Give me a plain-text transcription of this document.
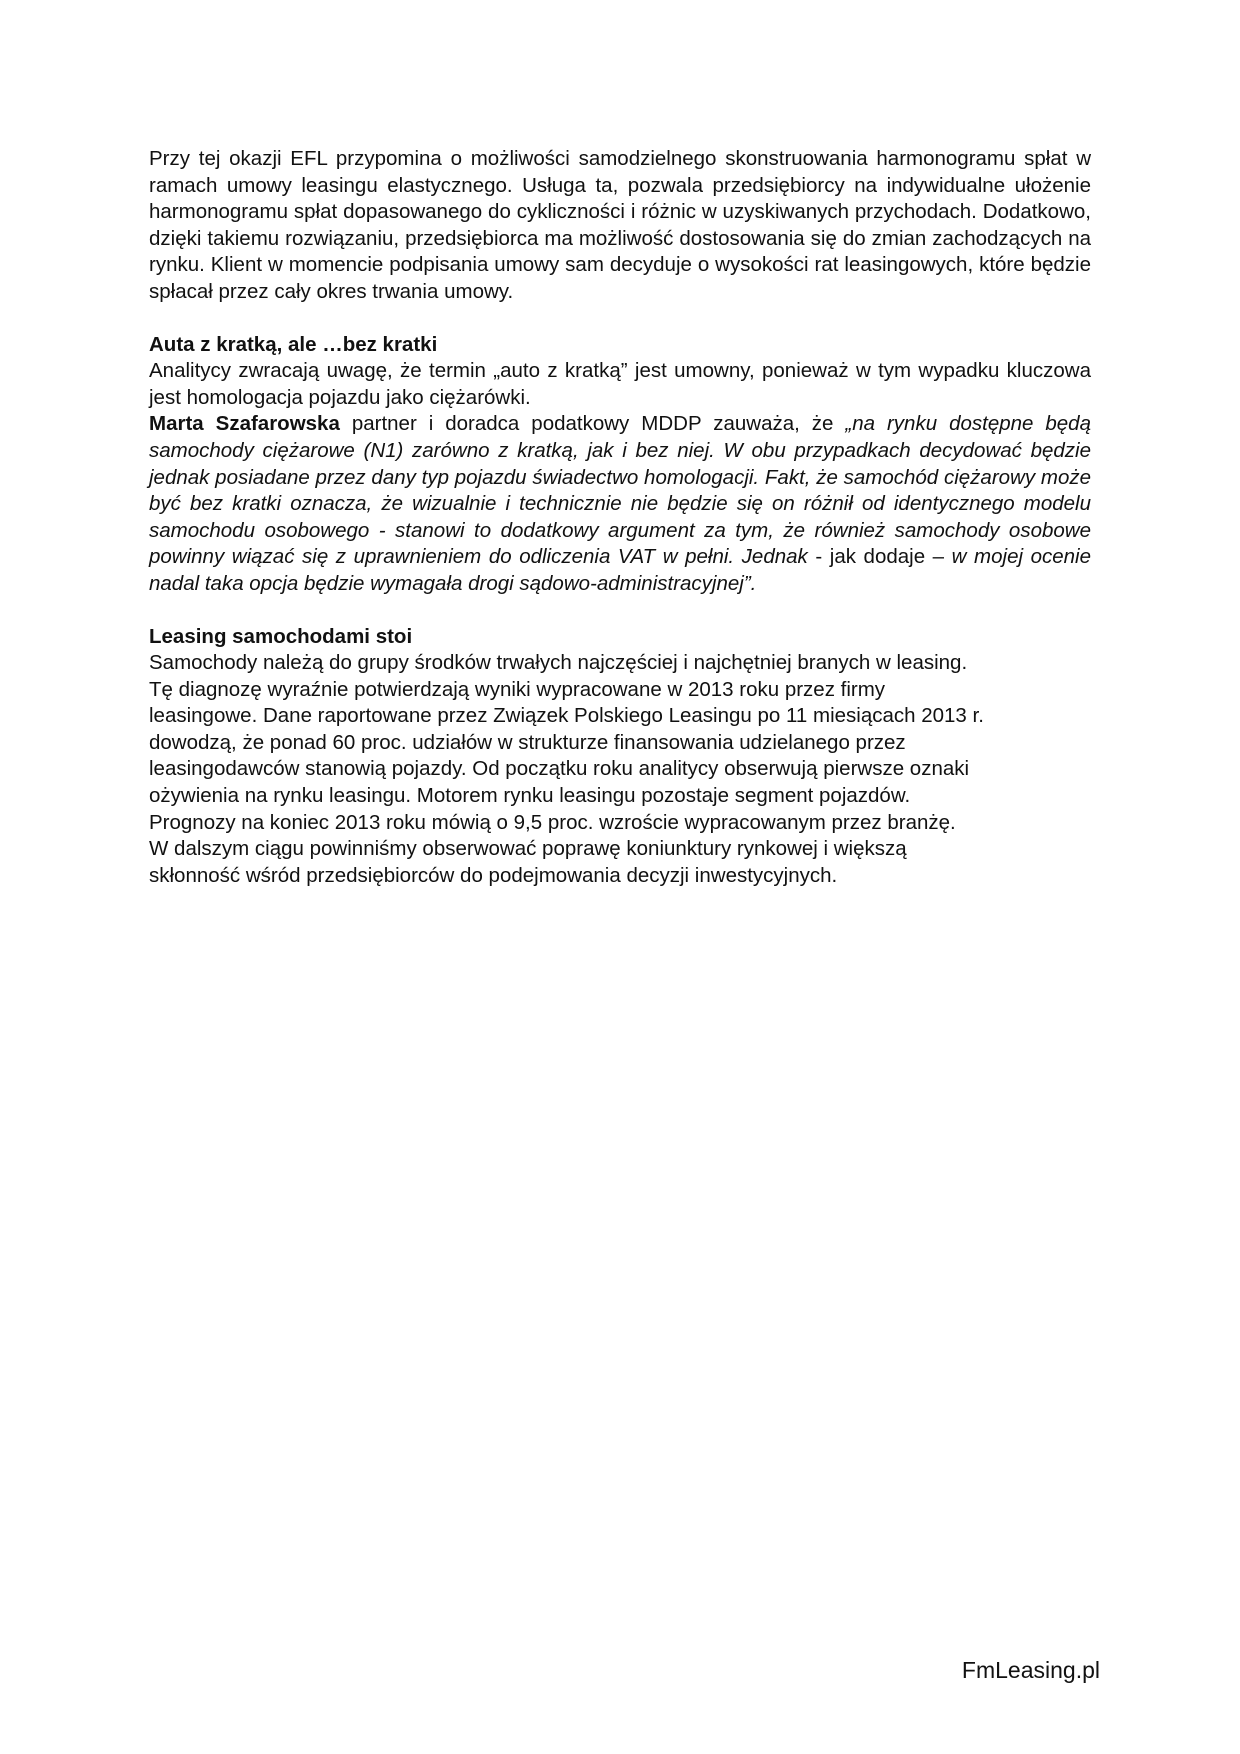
Przy tej okazji EFL przypomina o możliwości samodzielnego skonstruowania harmonogramu spłat w ramach umowy leasingu elastycznego. Usługa ta, pozwala przedsiębiorcy na indywidualne ułożenie harmonogramu spłat dopasowanego do cykliczności i różnic w uzyskiwanych przychodach. Dodatkowo, dzięki takiemu rozwiązaniu, przedsiębiorca ma możliwość dostosowania się do zmian zachodzących na rynku. Klient w momencie podpisania umowy sam decyduje o wysokości rat leasingowych, które będzie spłacał przez cały okres trwania umowy.

Auta z kratką, ale …bez kratki

Analitycy zwracają uwagę, że termin „auto z kratką” jest umowny, ponieważ w tym wypadku kluczowa jest homologacja pojazdu jako ciężarówki.

Marta Szafarowska partner i doradca podatkowy MDDP zauważa, że „na rynku dostępne będą samochody ciężarowe (N1) zarówno z kratką, jak i bez niej. W obu przypadkach decydować będzie jednak posiadane przez dany typ pojazdu świadectwo homologacji. Fakt, że samochód ciężarowy może być bez kratki oznacza, że wizualnie i technicznie nie będzie się on różnił od identycznego modelu samochodu osobowego - stanowi to dodatkowy argument za tym, że również samochody osobowe powinny wiązać się z uprawnieniem do odliczenia VAT w pełni. Jednak - jak dodaje – w mojej ocenie nadal taka opcja będzie wymagała drogi sądowo-administracyjnej”.

Leasing samochodami stoi

Samochody należą do grupy środków trwałych najczęściej i najchętniej branych w leasing.

Tę diagnozę wyraźnie potwierdzają wyniki wypracowane w 2013 roku przez firmy

leasingowe. Dane raportowane przez Związek Polskiego Leasingu po 11 miesiącach 2013 r.

dowodzą, że ponad 60 proc. udziałów w strukturze finansowania udzielanego przez

leasingodawców stanowią pojazdy. Od początku roku analitycy obserwują pierwsze oznaki

ożywienia na rynku leasingu. Motorem rynku leasingu pozostaje segment pojazdów.

Prognozy na koniec 2013 roku mówią o 9,5 proc. wzroście wypracowanym przez branżę.

W dalszym ciągu powinniśmy obserwować poprawę koniunktury rynkowej i większą

skłonność wśród przedsiębiorców do podejmowania decyzji inwestycyjnych.

FmLeasing.pl
